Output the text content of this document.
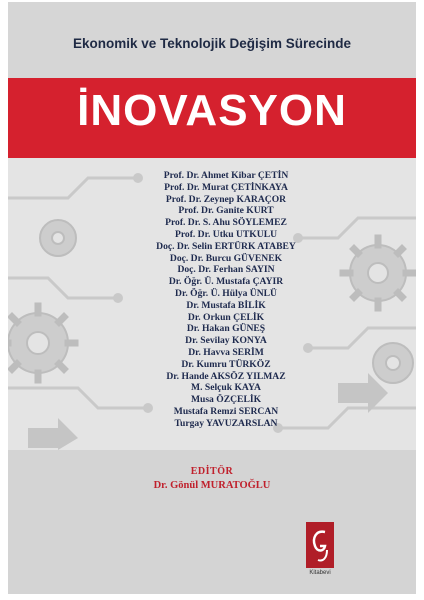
Ekonomik ve Teknolojik Değişim Sürecinde
İNOVASYON
Prof. Dr. Ahmet Kibar ÇETİN
Prof. Dr. Murat ÇETİNKAYA
Prof. Dr. Zeynep KARAÇOR
Prof. Dr. Ganite KURT
Prof. Dr. S. Ahu SÖYLEMEZ
Prof. Dr. Utku UTKULU
Doç. Dr. Selin ERTÜRK ATABEY
Doç. Dr. Burcu GÜVENEK
Doç. Dr. Ferhan SAYIN
Dr. Öğr. Ü. Mustafa ÇAYIR
Dr. Öğr. Ü. Hülya ÜNLÜ
Dr. Mustafa BİLİK
Dr. Orkun ÇELİK
Dr. Hakan GÜNEŞ
Dr. Sevilay KONYA
Dr. Havva SERİM
Dr. Kumru TÜRKÖZ
Dr. Hande AKSÖZ YILMAZ
M. Selçuk KAYA
Musa ÖZÇELİK
Mustafa Remzi SERCAN
Turgay YAVUZARSLAN
EDİTÖR
Dr. Gönül MURATOĞLU
Kitabevi
